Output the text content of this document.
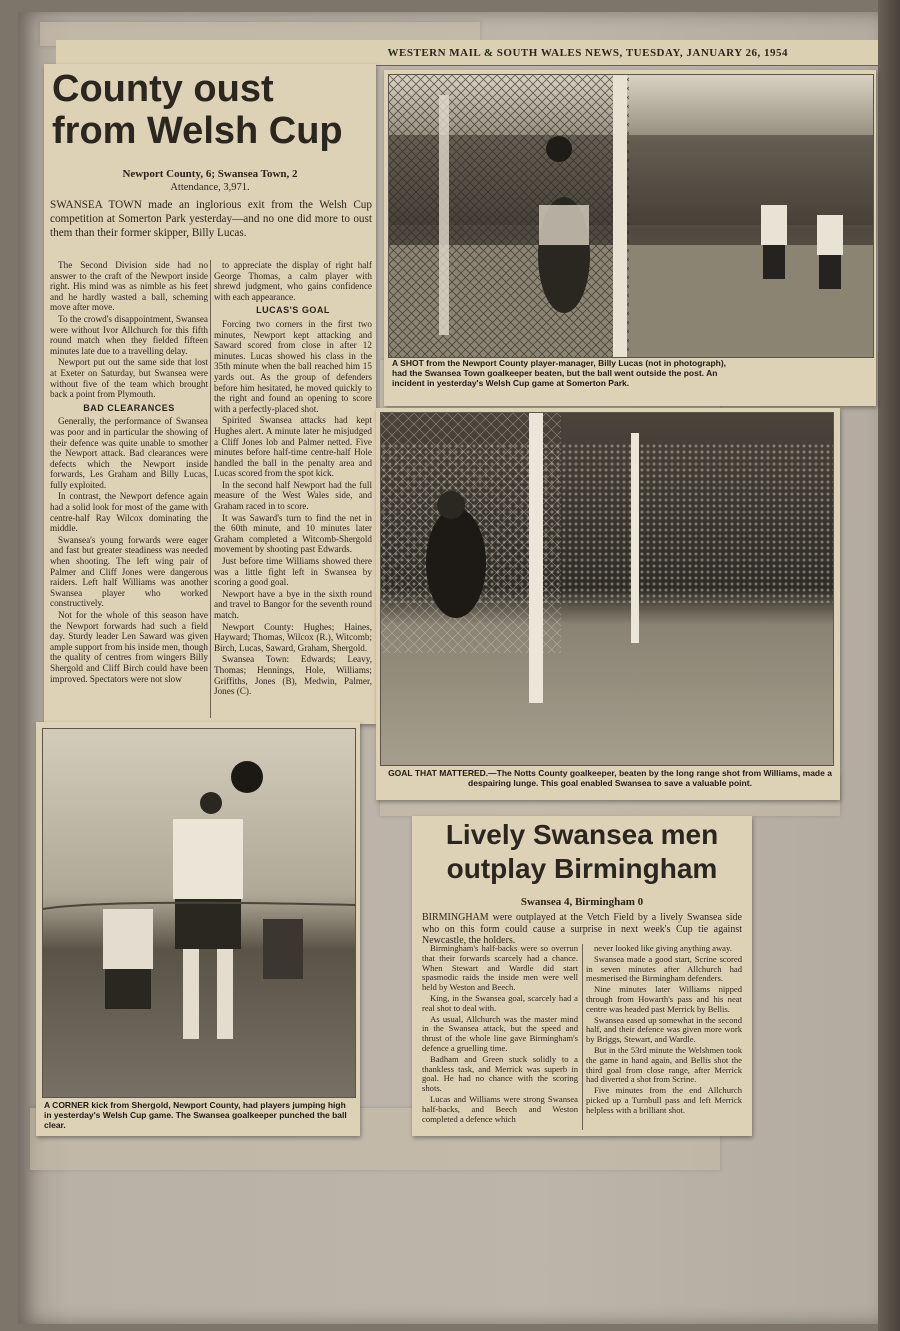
WESTERN MAIL & SOUTH WALES NEWS, TUESDAY, JANUARY 26, 1954
County oust
from Welsh Cup
Newport County, 6; Swansea Town, 2
Attendance, 3,971.
SWANSEA TOWN made an inglorious exit from the Welsh Cup competition at Somerton Park yesterday—and no one did more to oust them than their former skipper, Billy Lucas.

The Second Division side had no answer to the craft of the Newport inside right. His mind was as nimble as his feet and he hardly wasted a ball, scheming move after move.

To the crowd's disappointment, Swansea were without Ivor Allchurch for this fifth round match when they fielded fifteen minutes late due to a travelling delay.

Newport put out the same side that lost at Exeter on Saturday, but Swansea were without five of the team which brought back a point from Plymouth.

BAD CLEARANCES

Generally, the performance of Swansea was poor and in particular the showing of their defence was quite unable to smother the Newport attack. Bad clearances were defects which the Newport inside forwards, Les Graham and Billy Lucas, fully exploited.

In contrast, the Newport defence again had a solid look for most of the game with centre-half Ray Wilcox dominating the middle.

Swansea's young forwards were eager and fast but greater steadiness was needed when shooting. The left wing pair of Palmer and Cliff Jones were dangerous raiders. Left half Williams was another Swansea player who worked constructively.

Not for the whole of this season have the Newport forwards had such a field day. Sturdy leader Len Saward was given ample support from his inside men, though the quality of centres from wingers Billy Shergold and Cliff Birch could have been improved. Spectators were not slow

to appreciate the display of right half George Thomas, a calm player with shrewd judgment, who gains confidence with each appearance.

LUCAS'S GOAL

Forcing two corners in the first two minutes, Newport kept attacking and Saward scored from close in after 12 minutes. Lucas showed his class in the 35th minute when the ball reached him 15 yards out. As the group of defenders before him hesitated, he moved quickly to the right and found an opening to score with a perfectly-placed shot.

Spirited Swansea attacks had kept Hughes alert. A minute later he misjudged a Cliff Jones lob and Palmer netted. Five minutes before half-time centre-half Hole handled the ball in the penalty area and Lucas scored from the spot kick.

In the second half Newport had the full measure of the West Wales side, and Graham raced in to score.

It was Saward's turn to find the net in the 60th minute, and 10 minutes later Graham completed a Witcomb-Shergold movement by shooting past Edwards.

Just before time Williams showed there was a little fight left in Swansea by scoring a good goal.

Newport have a bye in the sixth round and travel to Bangor for the seventh round match.

Newport County: Hughes; Haines, Hayward; Thomas, Wilcox (R.), Witcomb; Birch, Lucas, Saward, Graham, Shergold.

Swansea Town: Edwards; Leavy, Thomas; Hennings, Hole, Williams; Griffiths, Jones (B), Medwin, Palmer, Jones (C).

A SHOT from the Newport County player-manager, Billy Lucas (not in photograph), had the Swansea Town goalkeeper beaten, but the ball went outside the post. An incident in yesterday's Welsh Cup game at Somerton Park.
GOAL THAT MATTERED.—The Notts County goalkeeper, beaten by the long range shot from Williams, made a despairing lunge. This goal enabled Swansea to save a valuable point.
A CORNER kick from Shergold, Newport County, had players jumping high in yesterday's Welsh Cup game. The Swansea goalkeeper punched the ball clear.
Lively Swansea men
outplay Birmingham
Swansea 4, Birmingham 0
BIRMINGHAM were outplayed at the Vetch Field by a lively Swansea side who on this form could cause a surprise in next week's Cup tie against Newcastle, the holders.

Birmingham's half-backs were so overrun that their forwards scarcely had a chance. When Stewart and Wardle did start spasmodic raids the inside men were well held by Weston and Beech.

King, in the Swansea goal, scarcely had a real shot to deal with.

As usual, Allchurch was the master mind in the Swansea attack, but the speed and thrust of the whole line gave Birmingham's defence a gruelling time.

Badham and Green stuck solidly to a thankless task, and Merrick was superb in goal. He had no chance with the scoring shots.

Lucas and Williams were strong Swansea half-backs, and Beech and Weston completed a defence which

never looked like giving anything away.

Swansea made a good start, Scrine scored in seven minutes after Allchurch had mesmerised the Birmingham defenders.

Nine minutes later Williams nipped through from Howarth's pass and his neat centre was headed past Merrick by Bellis.

Swansea eased up somewhat in the second half, and their defence was given more work by Briggs, Stewart, and Wardle.

But in the 53rd minute the Welshmen took the game in hand again, and Bellis shot the third goal from close range, after Merrick had diverted a shot from Scrine.

Five minutes from the end Allchurch picked up a Turnbull pass and left Merrick helpless with a brilliant shot.
